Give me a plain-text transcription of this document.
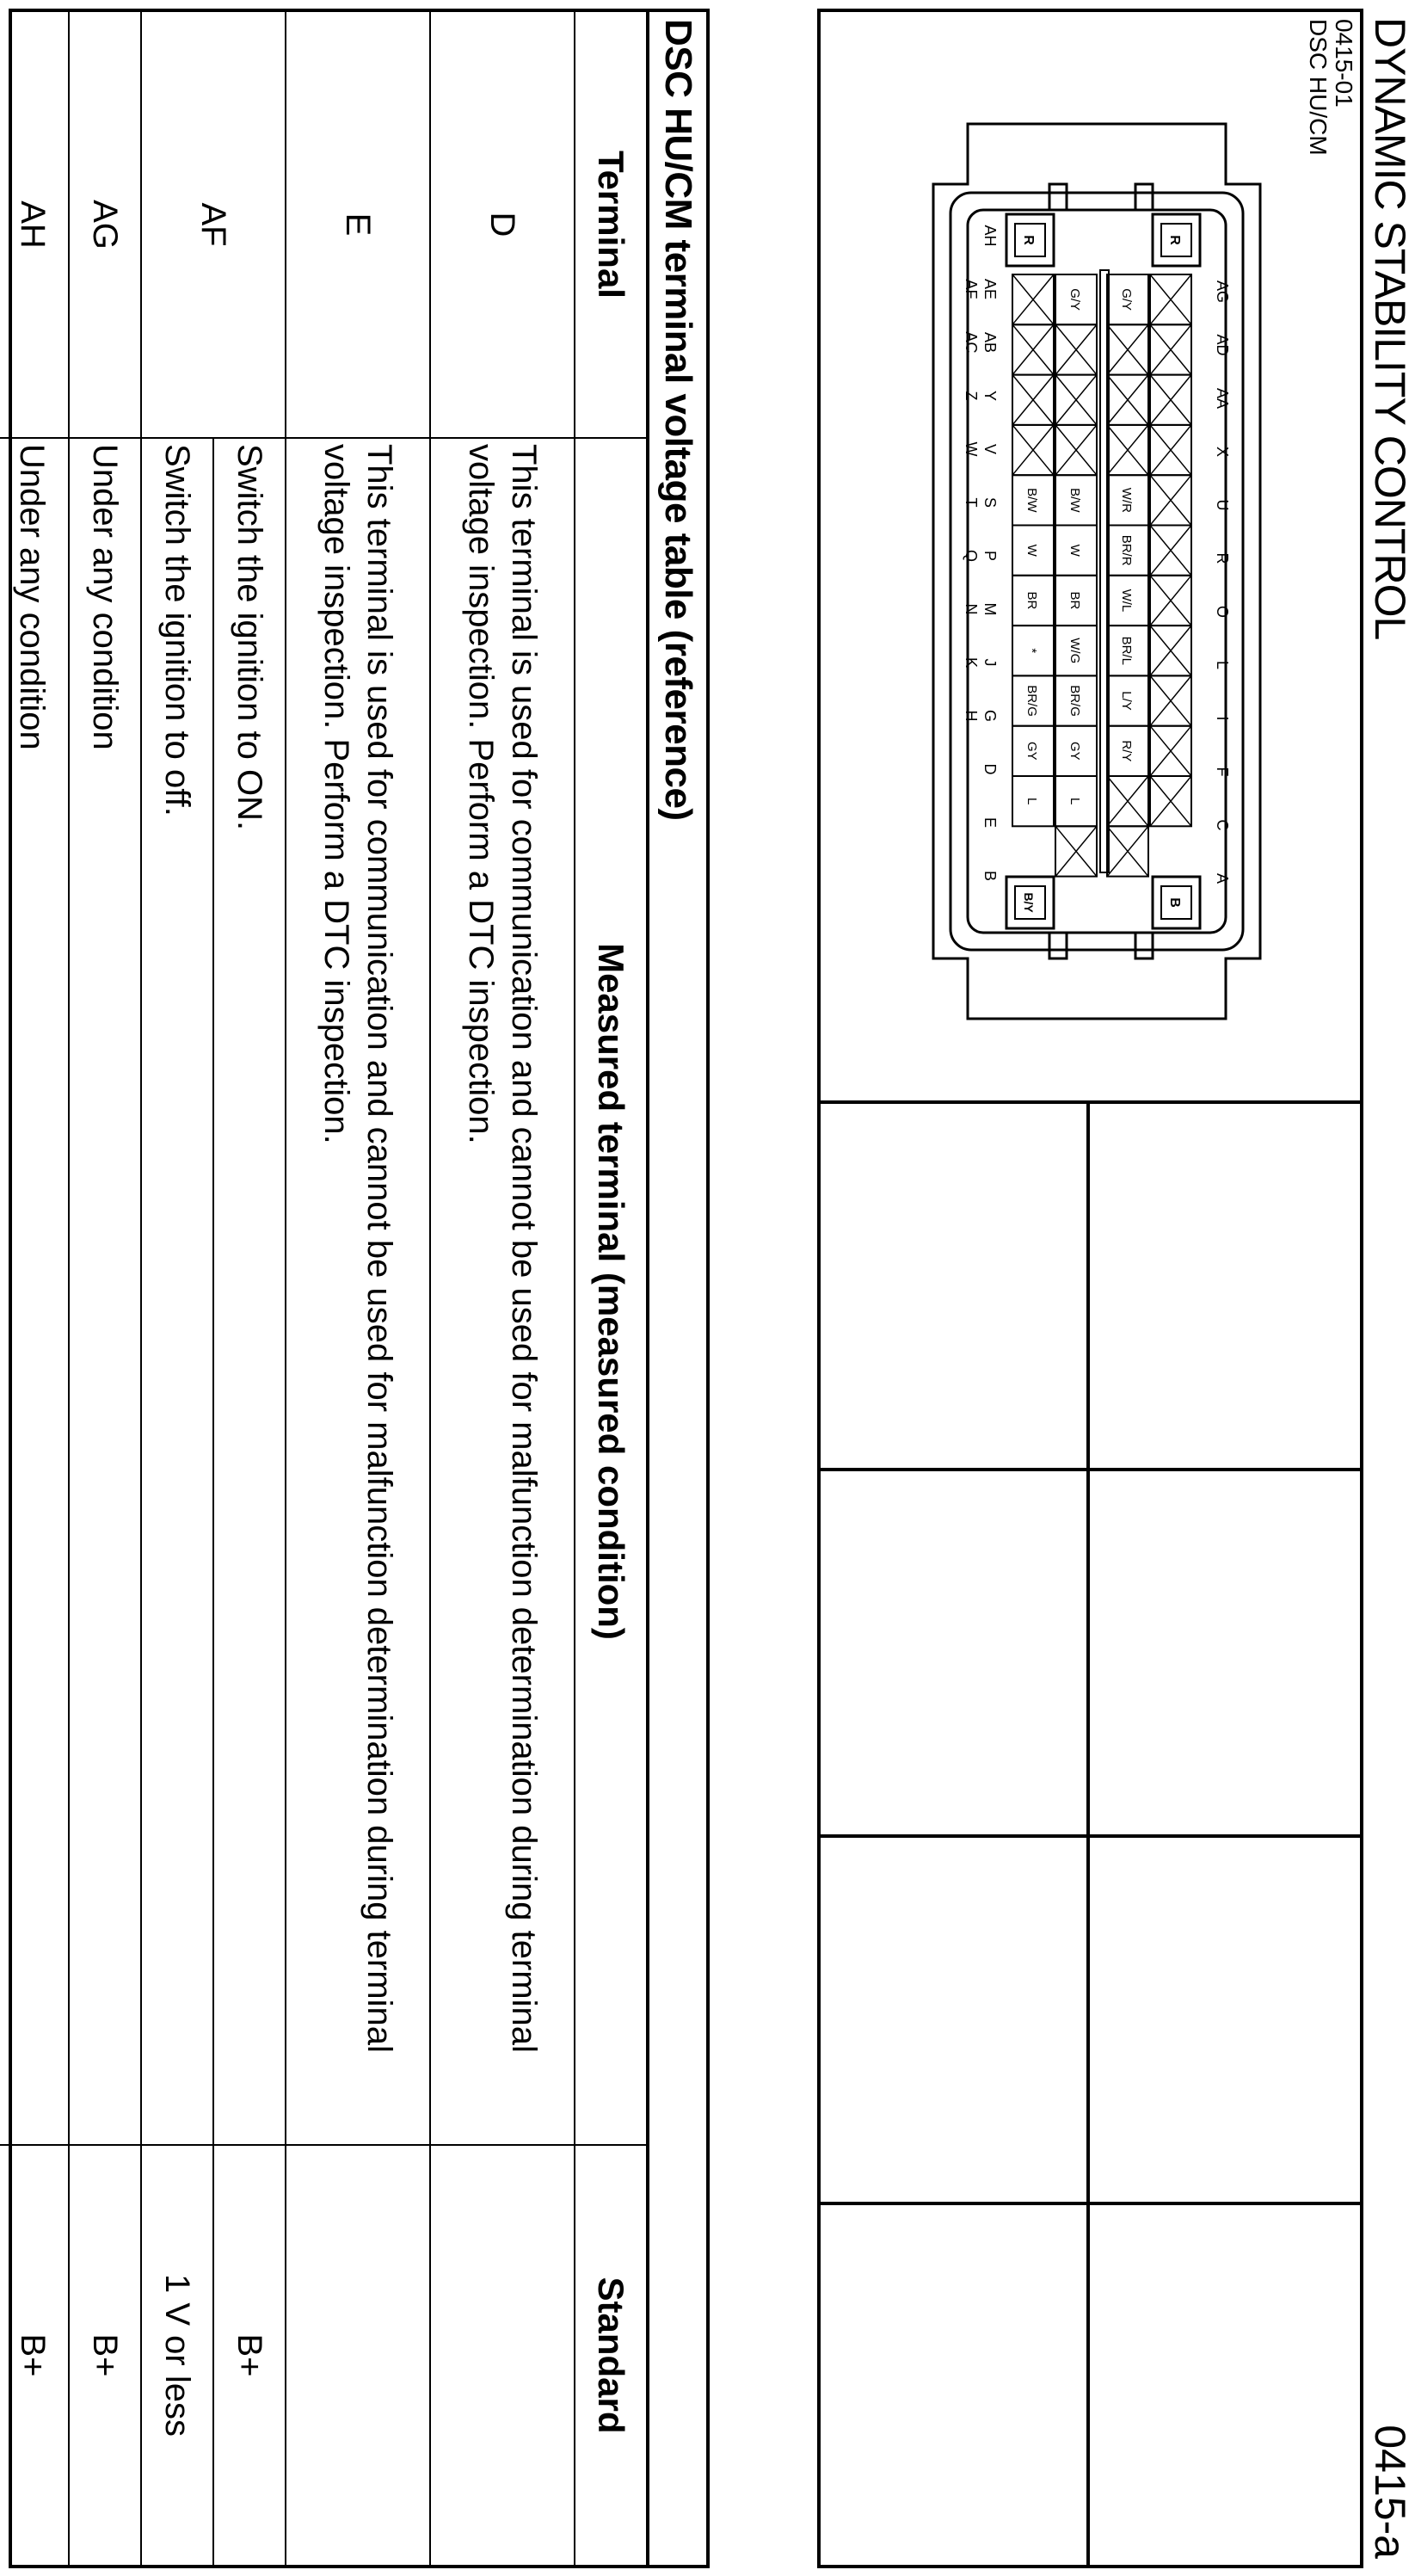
DYNAMIC STABILITY CONTROL
0415-a
0415-01
DSC HU/CM
G/Y
W/R
BR/R
W/L
BR/L
L/Y
R/Y
G/Y
B/W
W
BR
W/G
BR/G
GY
L
B/W
W
BR
*
BR/G
GY
L
R
B
R
B/Y
AG
AD
AA
X
U
R
O
L
I
F
C
A
AH
AE
AB
Y
V
S
P
M
J
G
D
E
B
AF
AC
Z
W
T
Q
N
K
H
DSC HU/CM terminal voltage table (reference)
Terminal	Measured terminal (measured condition)	Standard
D	This terminal is used for communication and cannot be used for malfunction determination during terminal voltage inspection. Perform a DTC inspection.	
E	This terminal is used for communication and cannot be used for malfunction determination during terminal voltage inspection. Perform a DTC inspection.	
AF	Switch the ignition to ON.	B+
	Switch the ignition to off.	1 V or less
AG	Under any condition	B+
AH	Under any condition	B+
